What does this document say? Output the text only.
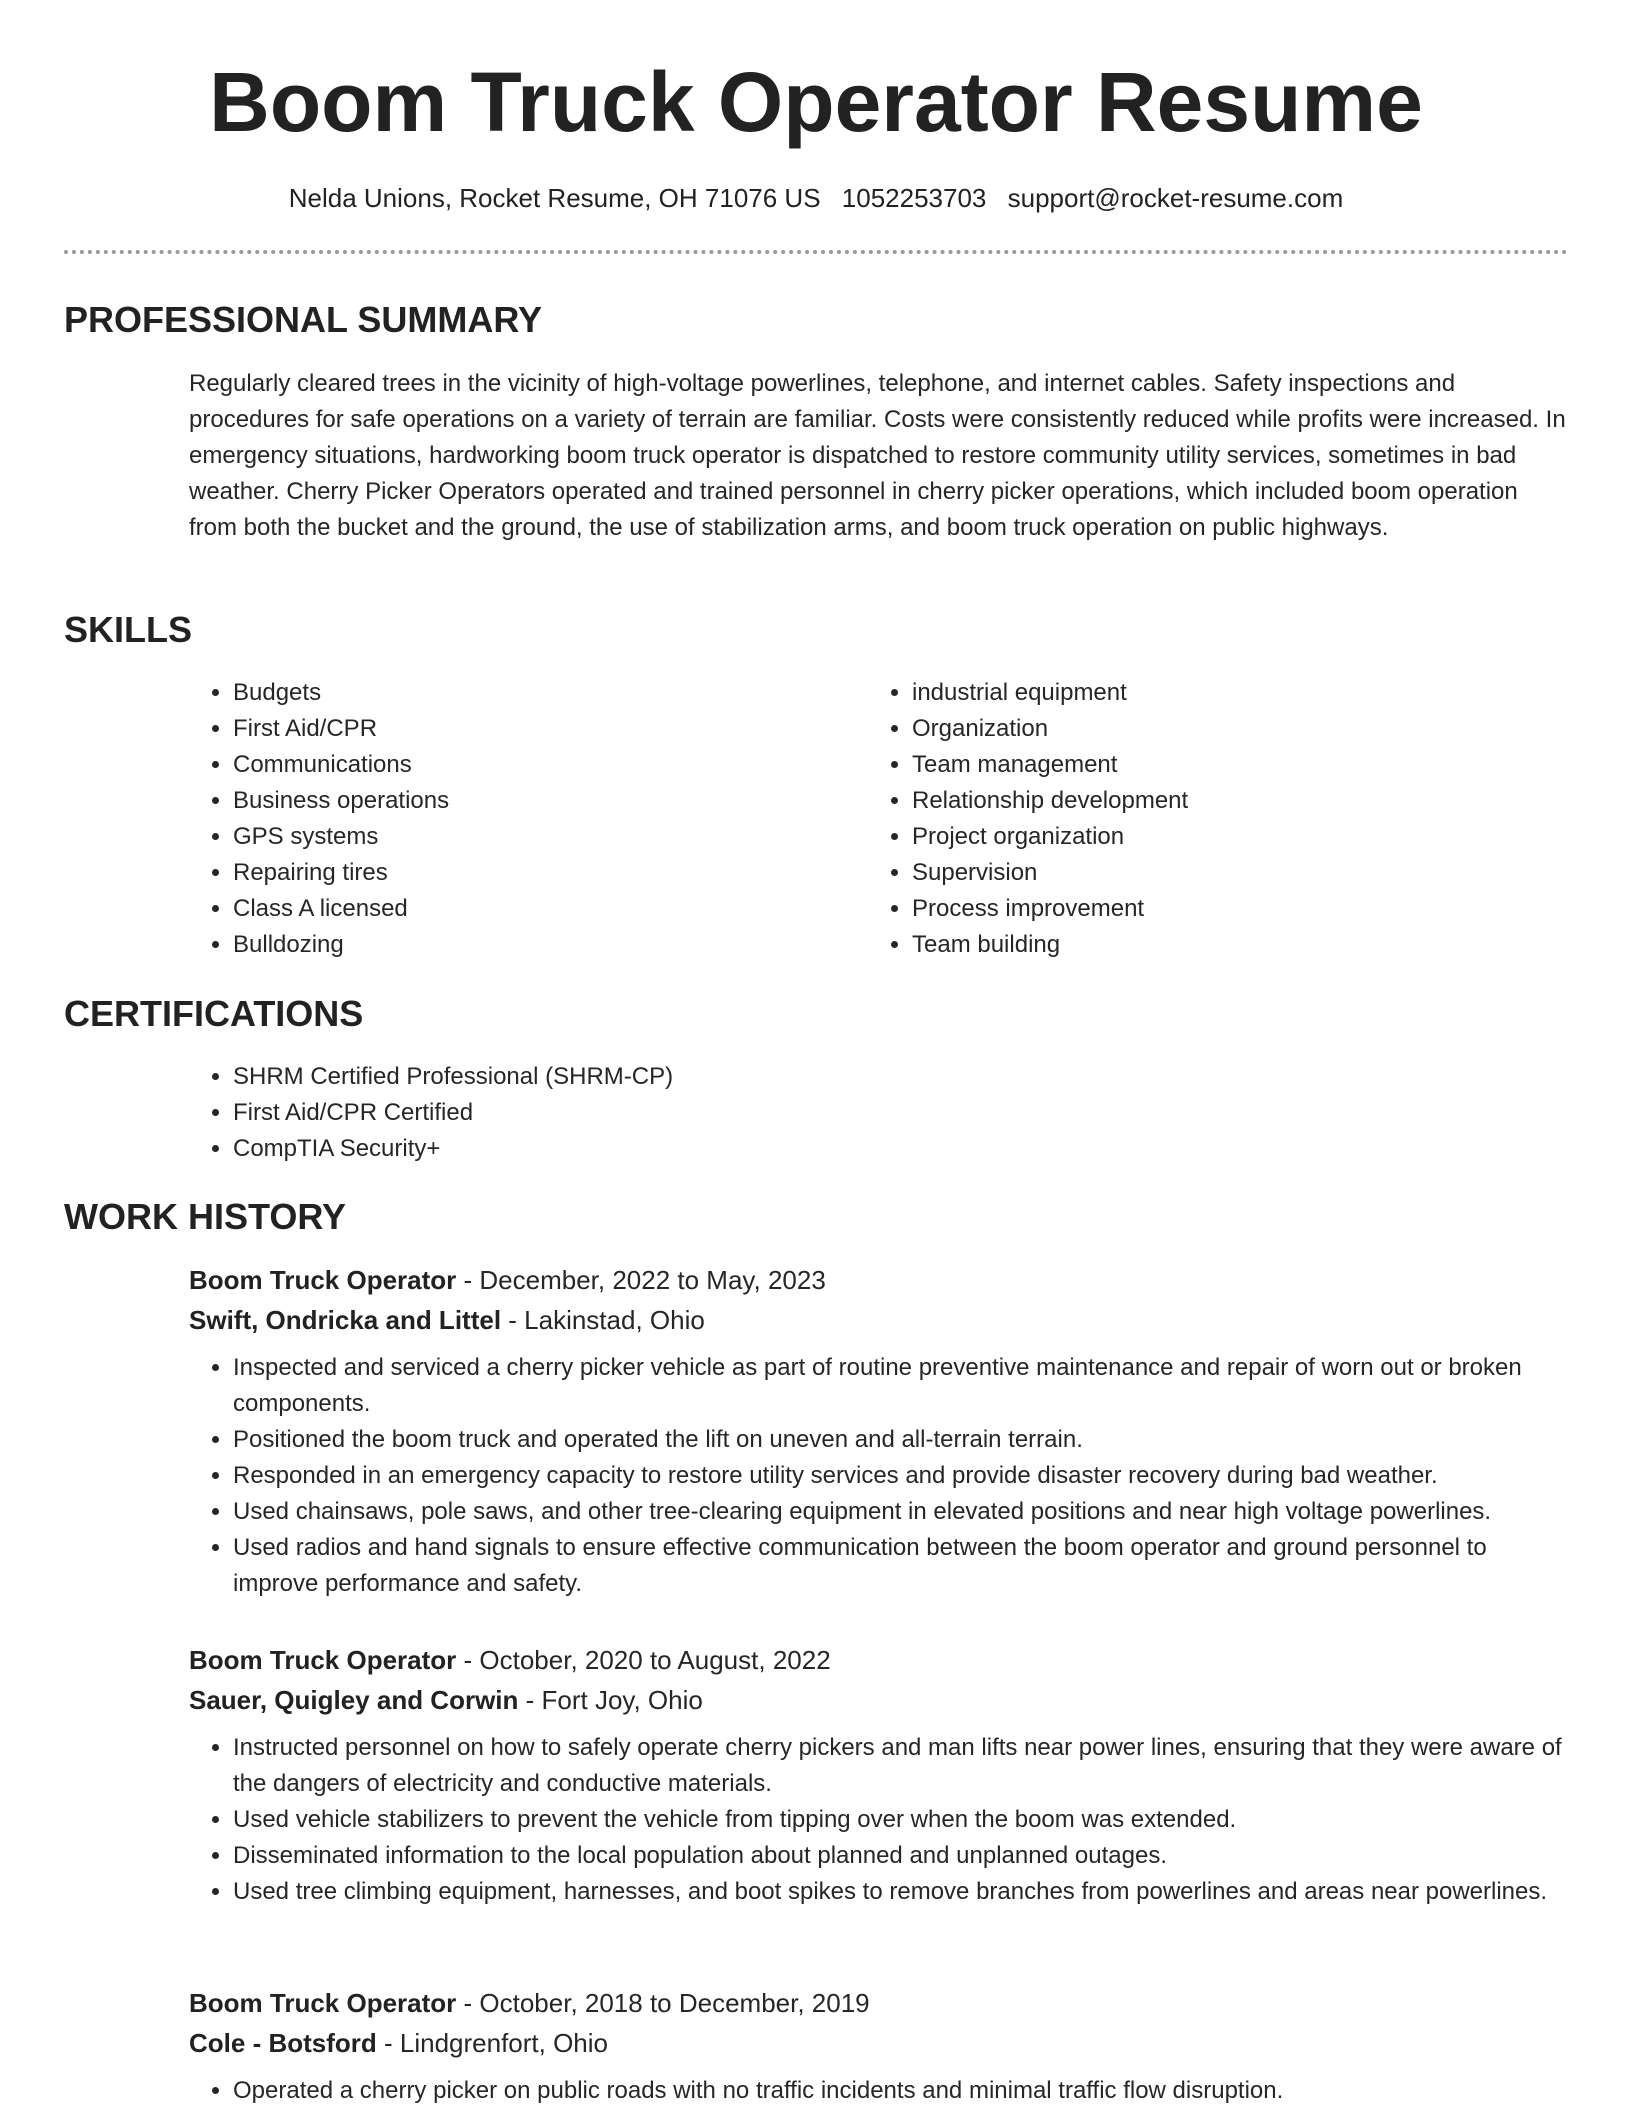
Boom Truck Operator Resume
Nelda Unions, Rocket Resume, OH 71076 US 1052253703 support@rocket-resume.com
PROFESSIONAL SUMMARY

Regularly cleared trees in the vicinity of high-voltage powerlines, telephone, and internet cables. Safety inspections and procedures for safe operations on a variety of terrain are familiar. Costs were consistently reduced while profits were increased. In emergency situations, hardworking boom truck operator is dispatched to restore community utility services, sometimes in bad weather. Cherry Picker Operators operated and trained personnel in cherry picker operations, which included boom operation from both the bucket and the ground, the use of stabilization arms, and boom truck operation on public highways.

SKILLS
• Budgets
• First Aid/CPR
• Communications
• Business operations
• GPS systems
• Repairing tires
• Class A licensed
• Bulldozing
• industrial equipment
• Organization
• Team management
• Relationship development
• Project organization
• Supervision
• Process improvement
• Team building
CERTIFICATIONS
• SHRM Certified Professional (SHRM-CP)
• First Aid/CPR Certified
• CompTIA Security+
WORK HISTORY
Boom Truck Operator - December, 2022 to May, 2023
Swift, Ondricka and Littel - Lakinstad, Ohio
• Inspected and serviced a cherry picker vehicle as part of routine preventive maintenance and repair of worn out or broken components.
• Positioned the boom truck and operated the lift on uneven and all-terrain terrain.
• Responded in an emergency capacity to restore utility services and provide disaster recovery during bad weather.
• Used chainsaws, pole saws, and other tree-clearing equipment in elevated positions and near high voltage powerlines.
• Used radios and hand signals to ensure effective communication between the boom operator and ground personnel to improve performance and safety.
Boom Truck Operator - October, 2020 to August, 2022
Sauer, Quigley and Corwin - Fort Joy, Ohio
• Instructed personnel on how to safely operate cherry pickers and man lifts near power lines, ensuring that they were aware of the dangers of electricity and conductive materials.
• Used vehicle stabilizers to prevent the vehicle from tipping over when the boom was extended.
• Disseminated information to the local population about planned and unplanned outages.
• Used tree climbing equipment, harnesses, and boot spikes to remove branches from powerlines and areas near powerlines.
Boom Truck Operator - October, 2018 to December, 2019
Cole - Botsford - Lindgrenfort, Ohio
• Operated a cherry picker on public roads with no traffic incidents and minimal traffic flow disruption.
